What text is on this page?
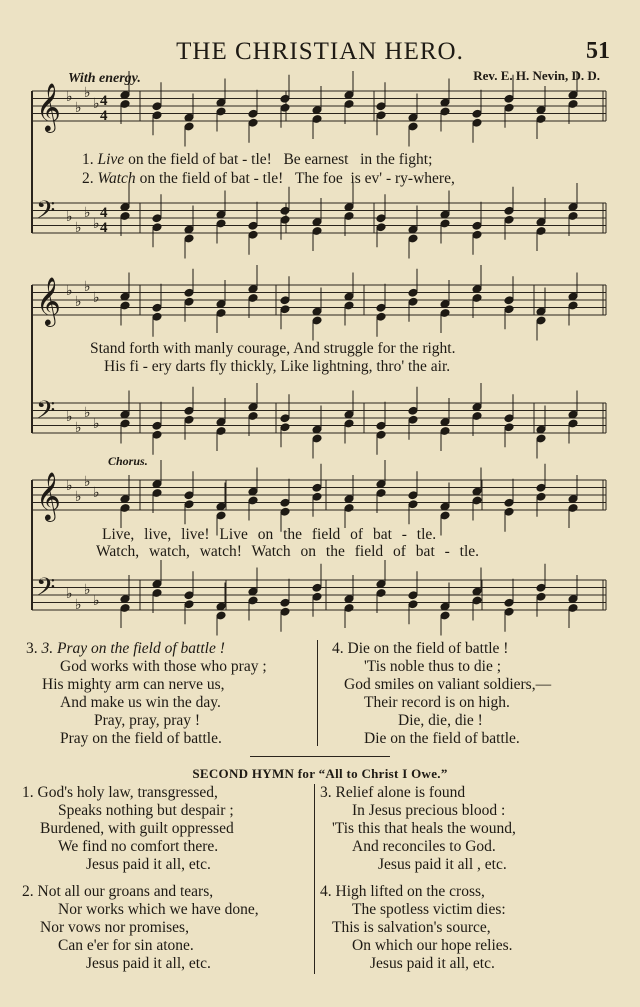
THE CHRISTIAN HERO.	51
With energy.	Rev. E. H. Nevin, D. D.
𝄞 ♭
♭
♭
♭
𝄢 ♭
♭
♭
♭
4
4
4
4
𝄞 ♭
♭
♭
♭
𝄢 ♭
♭
♭
♭
𝄞 ♭
♭
♭
♭
𝄢 ♭
♭
♭
♭
1. Live on the field of bat - tle! Be earnest in the fight;
2. Watch on the field of bat - tle! The foe is ev' - ry-where,
Stand forth with manly courage, And struggle for the right.
His fi - ery darts fly thickly, Like lightning, thro' the air.
Chorus.
Live, live, live! Live on the field of bat - tle.
Watch, watch, watch! Watch on the field of bat - tle.
3. 3. Pray on the field of battle !
God works with those who pray ;
His mighty arm can nerve us,
And make us win the day.
Pray, pray, pray !
Pray on the field of battle.
4. Die on the field of battle !
'Tis noble thus to die ;
God smiles on valiant soldiers,—
Their record is on high.
Die, die, die !
Die on the field of battle.
SECOND HYMN for “All to Christ I Owe.”
1. God's holy law, transgressed,
Speaks nothing but despair ;
Burdened, with guilt oppressed
We find no comfort there.
Jesus paid it all, etc.
2. Not all our groans and tears,
Nor works which we have done,
Nor vows nor promises,
Can e'er for sin atone.
Jesus paid it all, etc.
3. Relief alone is found
In Jesus precious blood :
'Tis this that heals the wound,
And reconciles to God.
Jesus paid it all , etc.
4. High lifted on the cross,
The spotless victim dies:
This is salvation's source,
On which our hope relies.
Jesus paid it all, etc.
